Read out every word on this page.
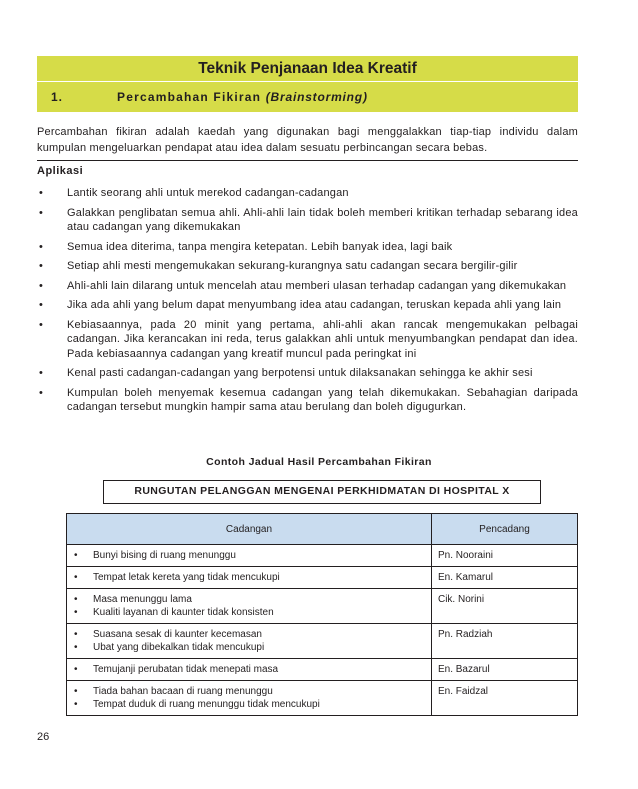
Teknik Penjanaan Idea Kreatif
1.	Percambahan Fikiran (Brainstorming)
Percambahan fikiran adalah kaedah yang digunakan bagi menggalakkan tiap-tiap individu dalam kumpulan mengeluarkan pendapat atau idea dalam sesuatu perbincangan secara bebas.
Aplikasi
• Lantik seorang ahli untuk merekod cadangan-cadangan
• Galakkan penglibatan semua ahli. Ahli-ahli lain tidak boleh memberi kritikan terhadap sebarang idea atau cadangan yang dikemukakan
• Semua idea diterima, tanpa mengira ketepatan. Lebih banyak idea, lagi baik
• Setiap ahli mesti mengemukakan sekurang-kurangnya satu cadangan secara bergilir-gilir
• Ahli-ahli lain dilarang untuk mencelah atau memberi ulasan terhadap cadangan yang dikemukakan
• Jika ada ahli yang belum dapat menyumbang idea atau cadangan, teruskan kepada ahli yang lain
• Kebiasaannya, pada 20 minit yang pertama, ahli-ahli akan rancak mengemukakan pelbagai cadangan. Jika kerancakan ini reda, terus galakkan ahli untuk menyumbangkan pendapat dan idea. Pada kebiasaannya cadangan yang kreatif muncul pada peringkat ini
• Kenal pasti cadangan-cadangan yang berpotensi untuk dilaksanakan sehingga ke akhir sesi
• Kumpulan boleh menyemak kesemua cadangan yang telah dikemukakan. Sebahagian daripada cadangan tersebut mungkin hampir sama atau berulang dan boleh digugurkan.
Contoh Jadual Hasil Percambahan Fikiran
RUNGUTAN PELANGGAN MENGENAI PERKHIDMATAN DI HOSPITAL X
Cadangan	Pencadang

• Bunyi bising di ruang menunggu	Pn. Nooraini

• Tempat letak kereta yang tidak mencukupi	En. Kamarul

• Masa menunggu lama
• Kualiti layanan di kaunter tidak konsisten	Cik. Norini

• Suasana sesak di kaunter kecemasan
• Ubat yang dibekalkan tidak mencukupi	Pn. Radziah

• Temujanji perubatan tidak menepati masa	En. Bazarul

• Tiada bahan bacaan di ruang menunggu
• Tempat duduk di ruang menunggu tidak mencukupi	En. Faidzal
26
